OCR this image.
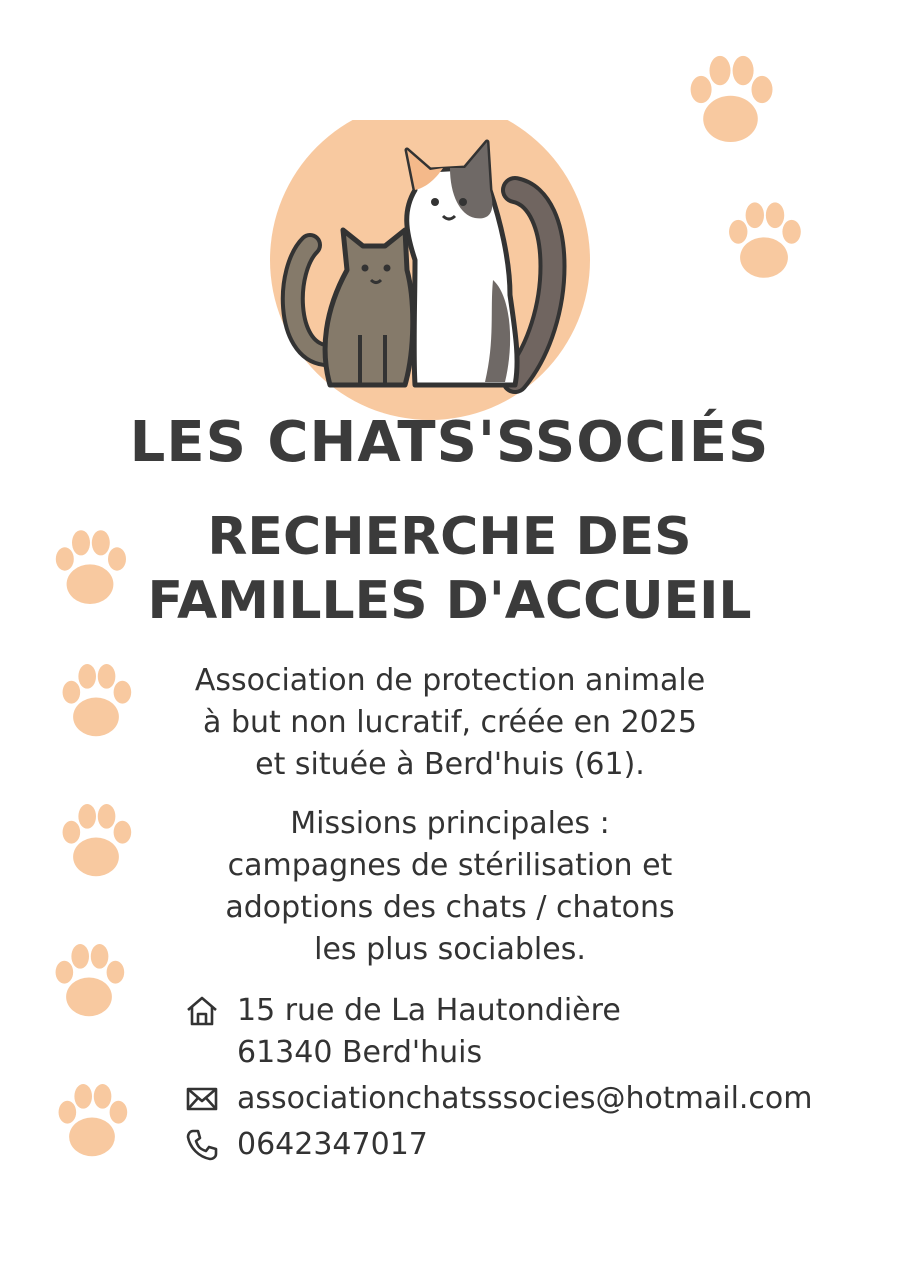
LES CHATS'SSOCIÉS
RECHERCHE DES
FAMILLES D'ACCUEIL
Association de protection animale
à but non lucratif, créée en 2025
et située à Berd'huis (61).
Missions principales :
campagnes de stérilisation et
adoptions des chats / chatons
les plus sociables.
15 rue de La Hautondière
61340 Berd'huis
associationchatsssocies@hotmail.com
0642347017
